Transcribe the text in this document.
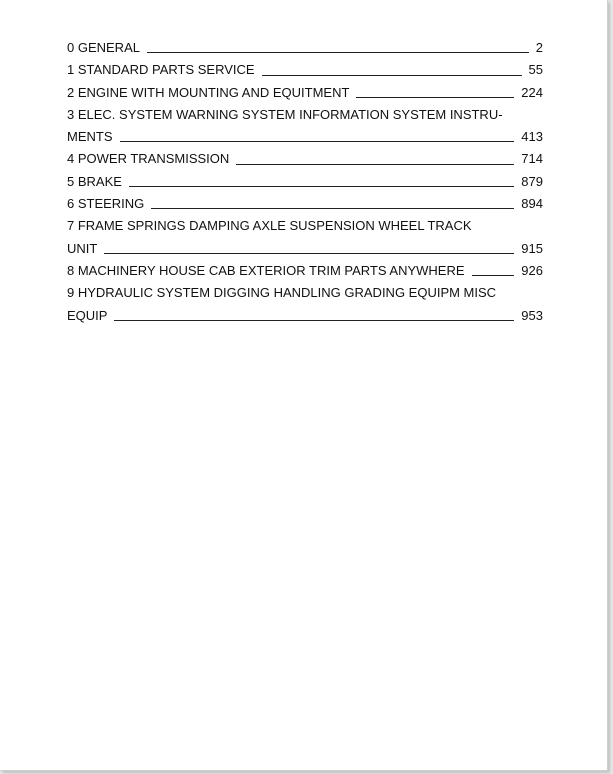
0 GENERAL	2
1 STANDARD PARTS SERVICE	55
2 ENGINE WITH MOUNTING AND EQUITMENT	224
3 ELEC. SYSTEM WARNING SYSTEM INFORMATION SYSTEM INSTRU-
MENTS	413
4 POWER TRANSMISSION	714
5 BRAKE	879
6 STEERING	894
7 FRAME SPRINGS DAMPING AXLE SUSPENSION WHEEL TRACK
UNIT	915
8 MACHINERY HOUSE CAB EXTERIOR TRIM PARTS ANYWHERE	926
9 HYDRAULIC SYSTEM DIGGING HANDLING GRADING EQUIPM MISC
EQUIP	953
